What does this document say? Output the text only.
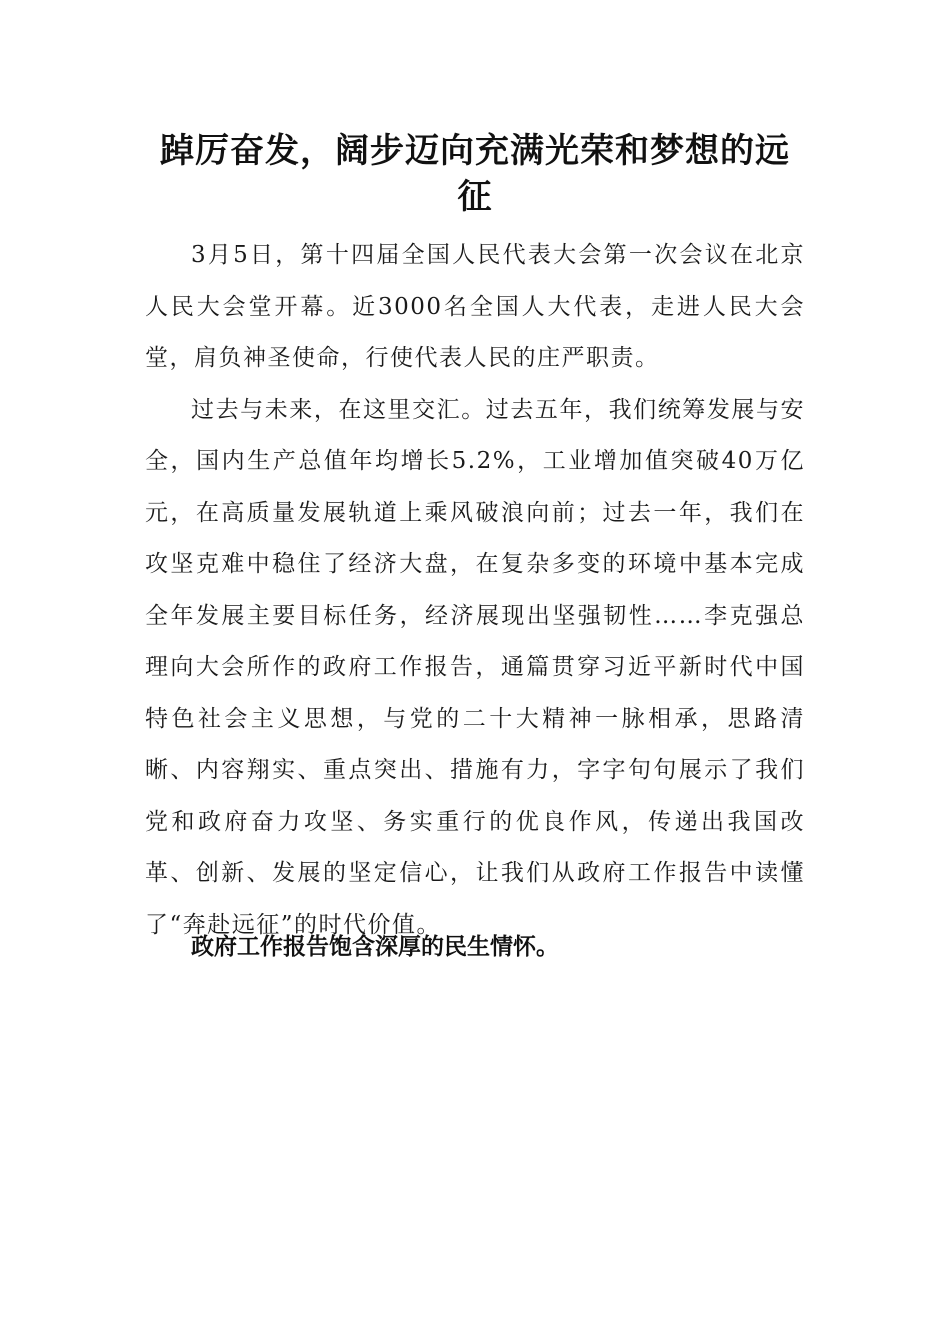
踔厉奋发，阔步迈向充满光荣和梦想的远征

3月5日，第十四届全国人民代表大会第一次会议在北京人民大会堂开幕。近3000名全国人大代表，走进人民大会堂，肩负神圣使命，行使代表人民的庄严职责。

过去与未来，在这里交汇。过去五年，我们统筹发展与安全，国内生产总值年均增长5.2%，工业增加值突破40万亿元，在高质量发展轨道上乘风破浪向前；过去一年，我们在攻坚克难中稳住了经济大盘，在复杂多变的环境中基本完成全年发展主要目标任务，经济展现出坚强韧性……李克强总理向大会所作的政府工作报告，通篇贯穿习近平新时代中国特色社会主义思想，与党的二十大精神一脉相承，思路清晰、内容翔实、重点突出、措施有力，字字句句展示了我们党和政府奋力攻坚、务实重行的优良作风，传递出我国改革、创新、发展的坚定信心，让我们从政府工作报告中读懂了“奔赴远征”的时代价值。

政府工作报告饱含深厚的民生情怀。
